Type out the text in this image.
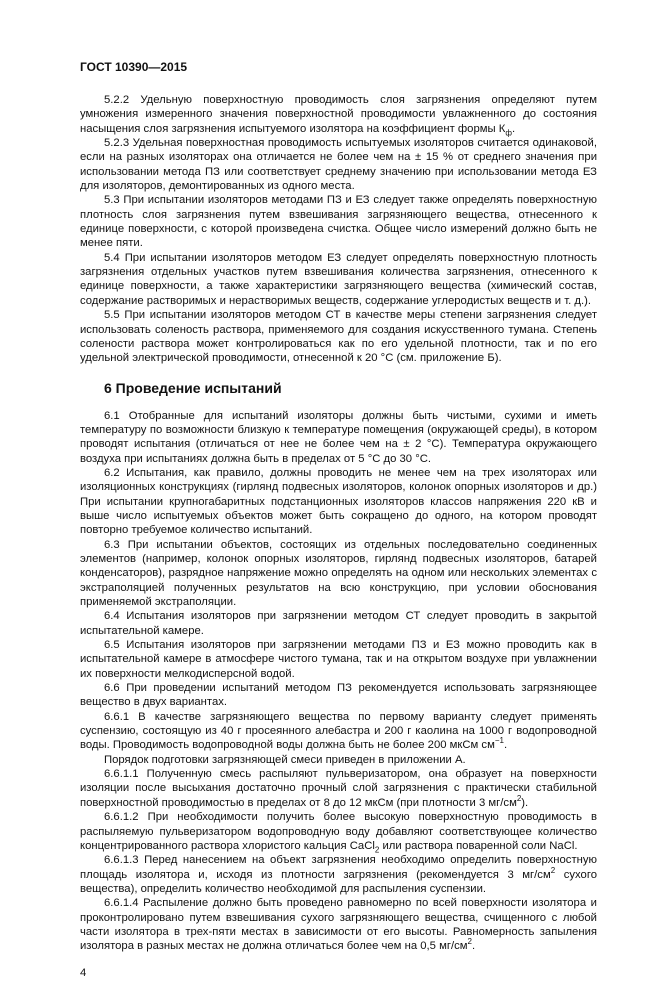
ГОСТ 10390—2015

5.2.2 Удельную поверхностную проводимость слоя загрязнения определяют путем умножения измеренного значения поверхностной проводимости увлажненного до состояния насыщения слоя загрязнения испытуемого изолятора на коэффициент формы $К_ф$.

5.2.3 Удельная поверхностная проводимость испытуемых изоляторов считается одинаковой, если на разных изоляторах она отличается не более чем на ± 15 % от среднего значения при использовании метода ПЗ или соответствует среднему значению при использовании метода ЕЗ для изоляторов, демонтированных из одного места.

5.3 При испытании изоляторов методами ПЗ и ЕЗ следует также определять поверхностную плотность слоя загрязнения путем взвешивания загрязняющего вещества, отнесенного к единице поверхности, с которой произведена счистка. Общее число измерений должно быть не менее пяти.

5.4 При испытании изоляторов методом ЕЗ следует определять поверхностную плотность загрязнения отдельных участков путем взвешивания количества загрязнения, отнесенного к единице поверхности, а также характеристики загрязняющего вещества (химический состав, содержание растворимых и нерастворимых веществ, содержание углеродистых веществ и т. д.).

5.5 При испытании изоляторов методом СТ в качестве меры степени загрязнения следует использовать соленость раствора, применяемого для создания искусственного тумана. Степень солености раствора может контролироваться как по его удельной плотности, так и по его удельной электрической проводимости, отнесенной к 20 °С (см. приложение Б).

6 Проведение испытаний

6.1 Отобранные для испытаний изоляторы должны быть чистыми, сухими и иметь температуру по возможности близкую к температуре помещения (окружающей среды), в котором проводят испытания (отличаться от нее не более чем на ± 2 °С). Температура окружающего воздуха при испытаниях должна быть в пределах от 5 °С до 30 °С.

6.2 Испытания, как правило, должны проводить не менее чем на трех изоляторах или изоляционных конструкциях (гирлянд подвесных изоляторов, колонок опорных изоляторов и др.) При испытании крупногабаритных подстанционных изоляторов классов напряжения 220 кВ и выше число испытуемых объектов может быть сокращено до одного, на котором проводят повторно требуемое количество испытаний.

6.3 При испытании объектов, состоящих из отдельных последовательно соединенных элементов (например, колонок опорных изоляторов, гирлянд подвесных изоляторов, батарей конденсаторов), разрядное напряжение можно определять на одном или нескольких элементах с экстраполяцией полученных результатов на всю конструкцию, при условии обоснования применяемой экстраполяции.

6.4 Испытания изоляторов при загрязнении методом СТ следует проводить в закрытой испытательной камере.

6.5 Испытания изоляторов при загрязнении методами ПЗ и ЕЗ можно проводить как в испытательной камере в атмосфере чистого тумана, так и на открытом воздухе при увлажнении их поверхности мелкодисперсной водой.

6.6 При проведении испытаний методом ПЗ рекомендуется использовать загрязняющее вещество в двух вариантах.

6.6.1 В качестве загрязняющего вещества по первому варианту следует применять суспензию, состоящую из 40 г просеянного алебастра и 200 г каолина на 1000 г водопроводной воды. Проводимость водопроводной воды должна быть не более 200 мкСм $см^{-1}$.

Порядок подготовки загрязняющей смеси приведен в приложении А.

6.6.1.1 Полученную смесь распыляют пульверизатором, она образует на поверхности изоляции после высыхания достаточно прочный слой загрязнения с практически стабильной поверхностной проводимостью в пределах от 8 до 12 мкСм (при плотности 3 $мг/см^2$).

6.6.1.2 При необходимости получить более высокую поверхностную проводимость в распыляемую пульверизатором водопроводную воду добавляют соответствующее количество концентрированного раствора хлористого кальция CaCl$_2$ или раствора поваренной соли NaCl.

6.6.1.3 Перед нанесением на объект загрязнения необходимо определить поверхностную площадь изолятора и, исходя из плотности загрязнения (рекомендуется 3 $мг/см^2$ сухого вещества), определить количество необходимой для распыления суспензии.

6.6.1.4 Распыление должно быть проведено равномерно по всей поверхности изолятора и проконтролировано путем взвешивания сухого загрязняющего вещества, счищенного с любой части изолятора в трех-пяти местах в зависимости от его высоты. Равномерность запыления изолятора в разных местах не должна отличаться более чем на 0,5 $мг/см^2$.

4
